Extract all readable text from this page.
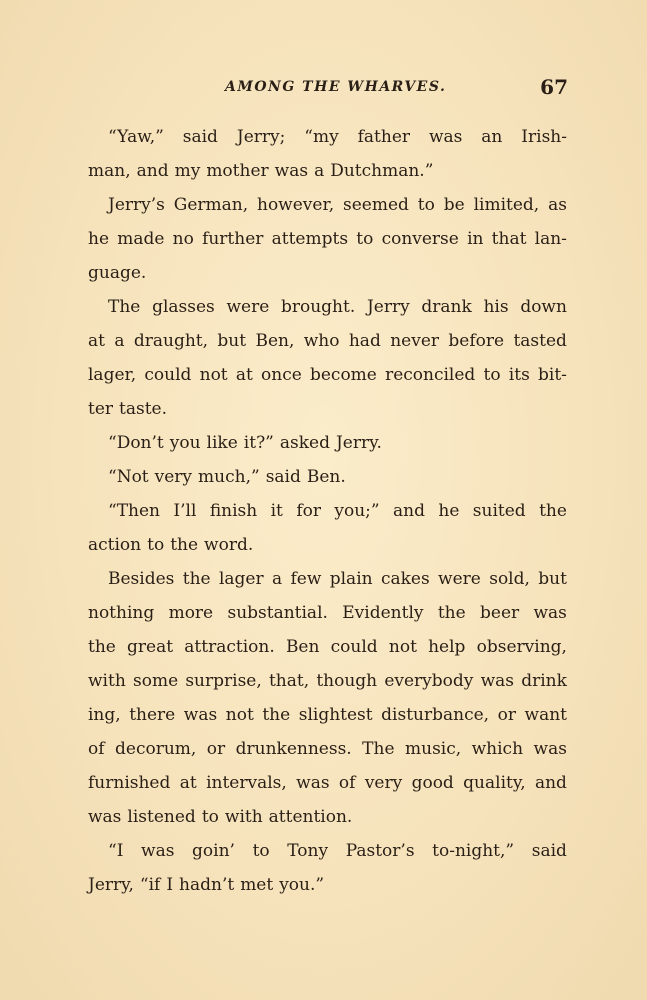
AMONG THE WHARVES.	67
“Yaw,” said Jerry; “my father was an Irish-
man, and my mother was a Dutchman.”
Jerry’s German, however, seemed to be limited, as
he made no further attempts to converse in that lan-
guage.
The glasses were brought. Jerry drank his down
at a draught, but Ben, who had never before tasted
lager, could not at once become reconciled to its bit-
ter taste.
“Don’t you like it?” asked Jerry.
“Not very much,” said Ben.
“Then I’ll finish it for you;” and he suited the
action to the word.
Besides the lager a few plain cakes were sold, but
nothing more substantial. Evidently the beer was
the great attraction. Ben could not help observing,
with some surprise, that, though everybody was drink
ing, there was not the slightest disturbance, or want
of decorum, or drunkenness. The music, which was
furnished at intervals, was of very good quality, and
was listened to with attention.
“I was goin’ to Tony Pastor’s to-night,” said
Jerry, “if I hadn’t met you.”
